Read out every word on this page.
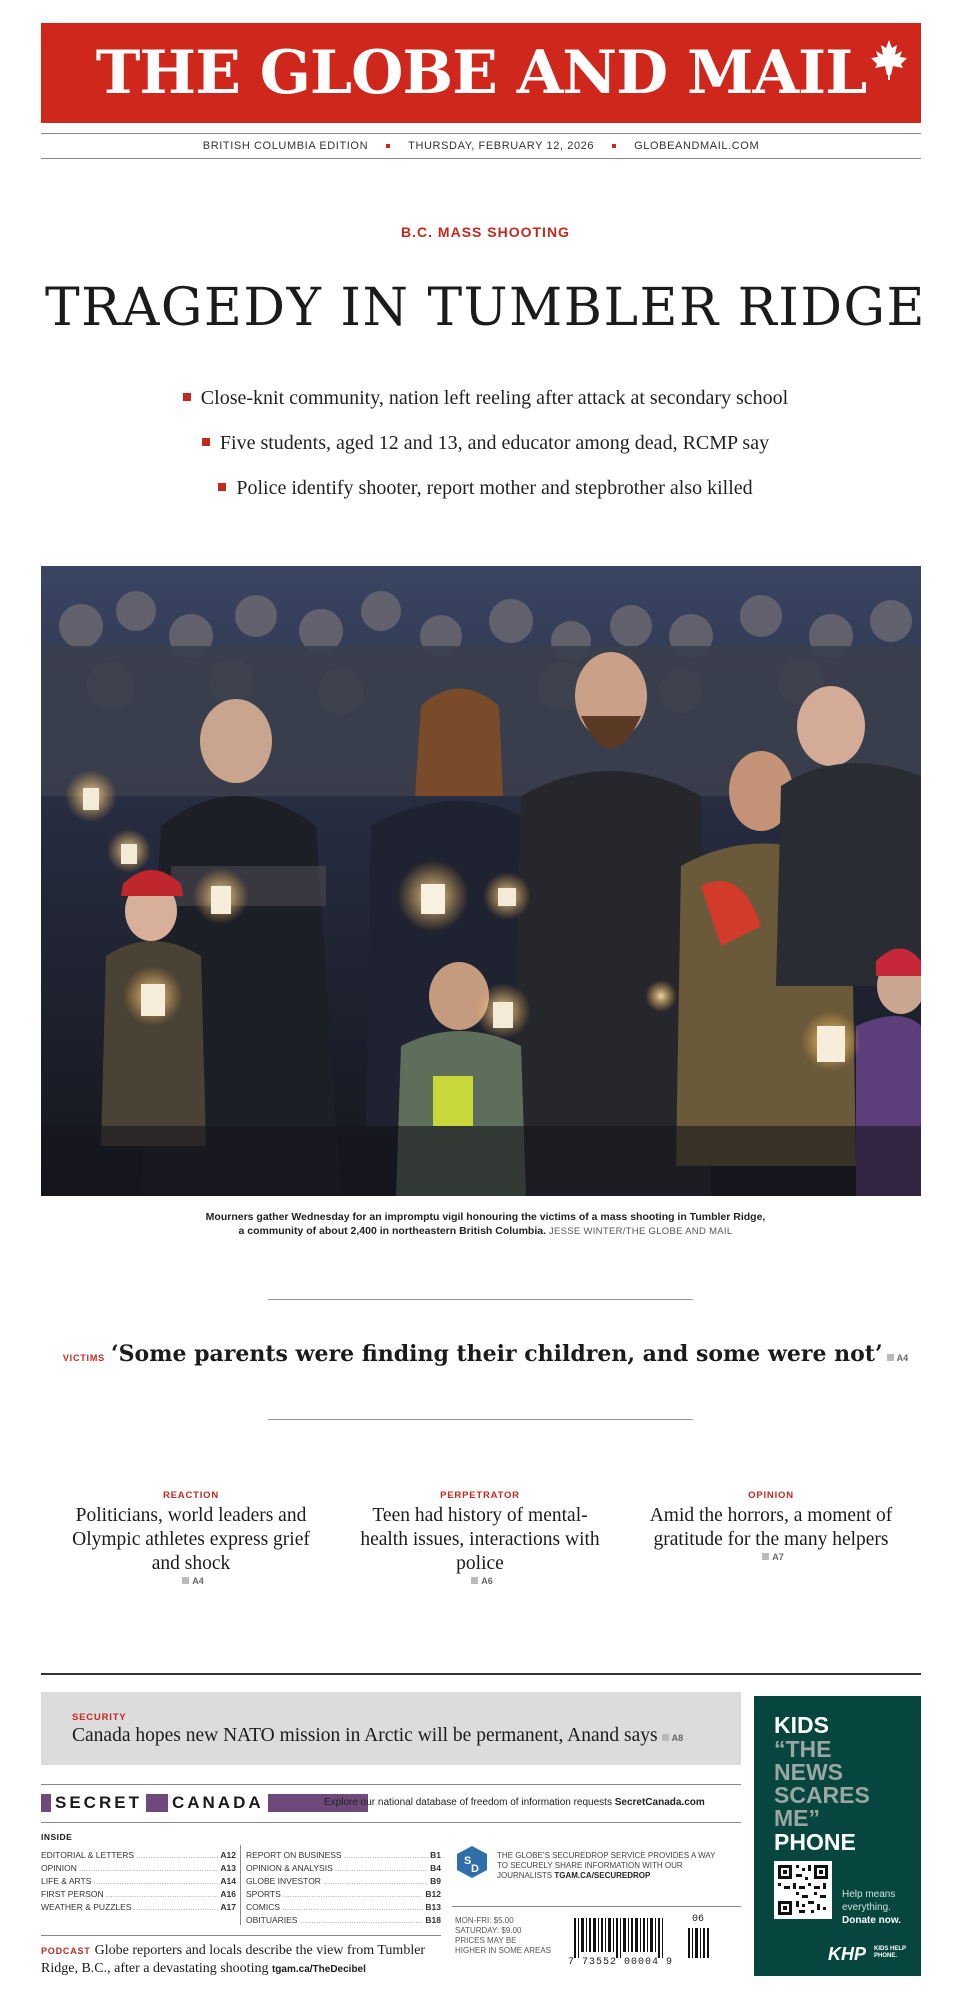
THE GLOBE AND MAIL
BRITISH COLUMBIA EDITION	THURSDAY, FEBRUARY 12, 2026	GLOBEANDMAIL.COM
B.C. MASS SHOOTING
TRAGEDY IN TUMBLER RIDGE
Close-knit community, nation left reeling after attack at secondary school
Five students, aged 12 and 13, and educator among dead, RCMP say
Police identify shooter, report mother and stepbrother also killed
Mourners gather Wednesday for an impromptu vigil honouring the victims of a mass shooting in Tumbler Ridge,
a community of about 2,400 in northeastern British Columbia. JESSE WINTER/THE GLOBE AND MAIL
VICTIMS ‘Some parents were finding their children, and some were not’ A4
REACTION
Politicians, world leaders and Olympic athletes express grief and shock
A4
PERPETRATOR
Teen had history of mental-health issues, interactions with police
A6
OPINION
Amid the horrors, a moment of gratitude for the many helpers
A7
SECURITY
Canada hopes new NATO mission in Arctic will be permanent, Anand says A8	KIDS
“THE
NEWS
SCARES
ME”
PHONE
Help means everything. Donate now.
KHP KIDS HELP PHONE.
SECRET CANADA	Explore our national database of freedom of information requests SecretCanada.com
INSIDE
EDITORIAL & LETTERS .....	A12
OPINION .....	A13
LIFE & ARTS .....	A14
FIRST PERSON .....	A16
WEATHER & PUZZLES .....	A17
REPORT ON BUSINESS .....	B1
OPINION & ANALYSIS .....	B4
GLOBE INVESTOR .....	B9
SPORTS .....	B12
COMICS .....	B13
OBITUARIES .....	B18
S
D
THE GLOBE’S SECUREDROP SERVICE PROVIDES A WAY TO SECURELY SHARE INFORMATION WITH OUR JOURNALISTS TGAM.CA/SECUREDROP
MON-FRI: $5.00
SATURDAY: $9.00
PRICES MAY BE
HIGHER IN SOME AREAS
7 73552 00004 9
06
PODCAST Globe reporters and locals describe the view from Tumbler Ridge, B.C., after a devastating shooting tgam.ca/TheDecibel
